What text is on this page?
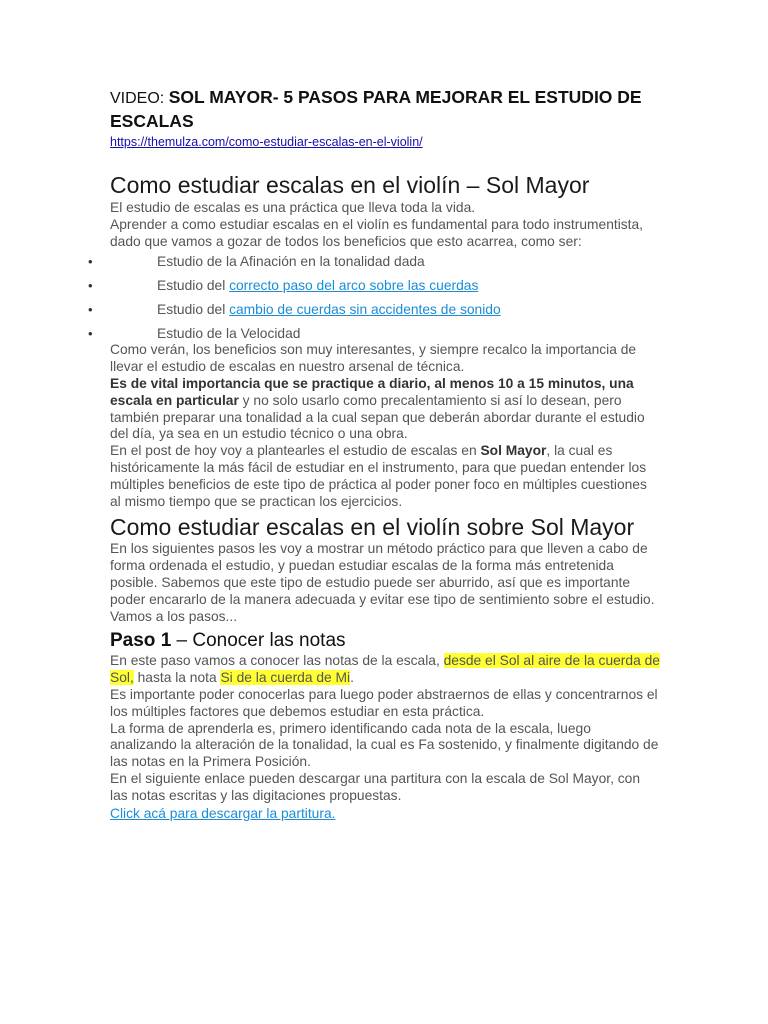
VIDEO: SOL MAYOR- 5 PASOS PARA MEJORAR EL ESTUDIO DE ESCALAS

https://themulza.com/como-estudiar-escalas-en-el-violin/
Como estudiar escalas en el violín – Sol Mayor

El estudio de escalas es una práctica que lleva toda la vida.

Aprender a como estudiar escalas en el violín es fundamental para todo instrumentista, dado que vamos a gozar de todos los beneficios que esto acarrea, como ser:

•	Estudio de la Afinación en la tonalidad dada
•	Estudio del correcto paso del arco sobre las cuerdas
•	Estudio del cambio de cuerdas sin accidentes de sonido
•	Estudio de la Velocidad

Como verán, los beneficios son muy interesantes, y siempre recalco la importancia de llevar el estudio de escalas en nuestro arsenal de técnica.

Es de vital importancia que se practique a diario, al menos 10 a 15 minutos, una escala en particular y no solo usarlo como precalentamiento si así lo desean, pero también preparar una tonalidad a la cual sepan que deberán abordar durante el estudio del día, ya sea en un estudio técnico o una obra.

En el post de hoy voy a plantearles el estudio de escalas en Sol Mayor, la cual es históricamente la más fácil de estudiar en el instrumento, para que puedan entender los múltiples beneficios de este tipo de práctica al poder poner foco en múltiples cuestiones al mismo tiempo que se practican los ejercicios.

Como estudiar escalas en el violín sobre Sol Mayor

En los siguientes pasos les voy a mostrar un método práctico para que lleven a cabo de forma ordenada el estudio, y puedan estudiar escalas de la forma más entretenida posible. Sabemos que este tipo de estudio puede ser aburrido, así que es importante poder encararlo de la manera adecuada y evitar ese tipo de sentimiento sobre el estudio.

Vamos a los pasos...

Paso 1 – Conocer las notas

En este paso vamos a conocer las notas de la escala, desde el Sol al aire de la cuerda de Sol, hasta la nota Si de la cuerda de Mi.

Es importante poder conocerlas para luego poder abstraernos de ellas y concentrarnos el los múltiples factores que debemos estudiar en esta práctica.

La forma de aprenderla es, primero identificando cada nota de la escala, luego analizando la alteración de la tonalidad, la cual es Fa sostenido, y finalmente digitando de las notas en la Primera Posición.

En el siguiente enlace pueden descargar una partitura con la escala de Sol Mayor, con las notas escritas y las digitaciones propuestas.

Click acá para descargar la partitura.
